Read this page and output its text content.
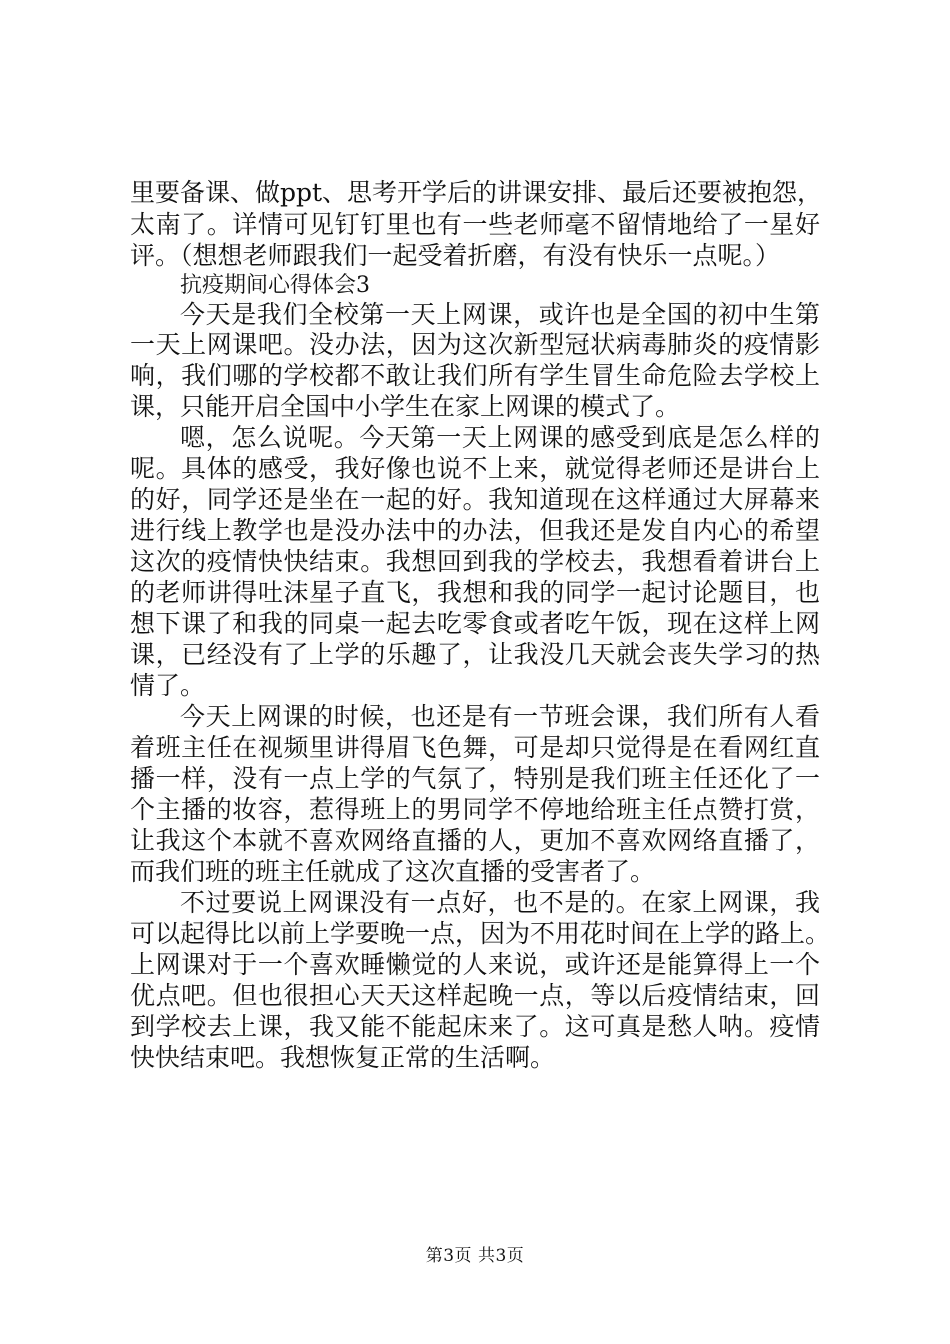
里要备课、做ppt、思考开学后的讲课安排、最后还要被抱怨，
太南了。详情可见钉钉里也有一些老师毫不留情地给了一星好
评。（想想老师跟我们一起受着折磨，有没有快乐一点呢。）
抗疫期间心得体会3
今天是我们全校第一天上网课，或许也是全国的初中生第
一天上网课吧。没办法，因为这次新型冠状病毒肺炎的疫情影
响，我们哪的学校都不敢让我们所有学生冒生命危险去学校上
课，只能开启全国中小学生在家上网课的模式了。
嗯，怎么说呢。今天第一天上网课的感受到底是怎么样的
呢。具体的感受，我好像也说不上来，就觉得老师还是讲台上
的好，同学还是坐在一起的好。我知道现在这样通过大屏幕来
进行线上教学也是没办法中的办法，但我还是发自内心的希望
这次的疫情快快结束。我想回到我的学校去，我想看着讲台上
的老师讲得吐沫星子直飞，我想和我的同学一起讨论题目，也
想下课了和我的同桌一起去吃零食或者吃午饭，现在这样上网
课，已经没有了上学的乐趣了，让我没几天就会丧失学习的热
情了。
今天上网课的时候，也还是有一节班会课，我们所有人看
着班主任在视频里讲得眉飞色舞，可是却只觉得是在看网红直
播一样，没有一点上学的气氛了，特别是我们班主任还化了一
个主播的妆容，惹得班上的男同学不停地给班主任点赞打赏，
让我这个本就不喜欢网络直播的人，更加不喜欢网络直播了，
而我们班的班主任就成了这次直播的受害者了。
不过要说上网课没有一点好，也不是的。在家上网课，我
可以起得比以前上学要晚一点，因为不用花时间在上学的路上。
上网课对于一个喜欢睡懒觉的人来说，或许还是能算得上一个
优点吧。但也很担心天天这样起晚一点，等以后疫情结束，回
到学校去上课，我又能不能起床来了。这可真是愁人呐。疫情
快快结束吧。我想恢复正常的生活啊。
第3页 共3页
